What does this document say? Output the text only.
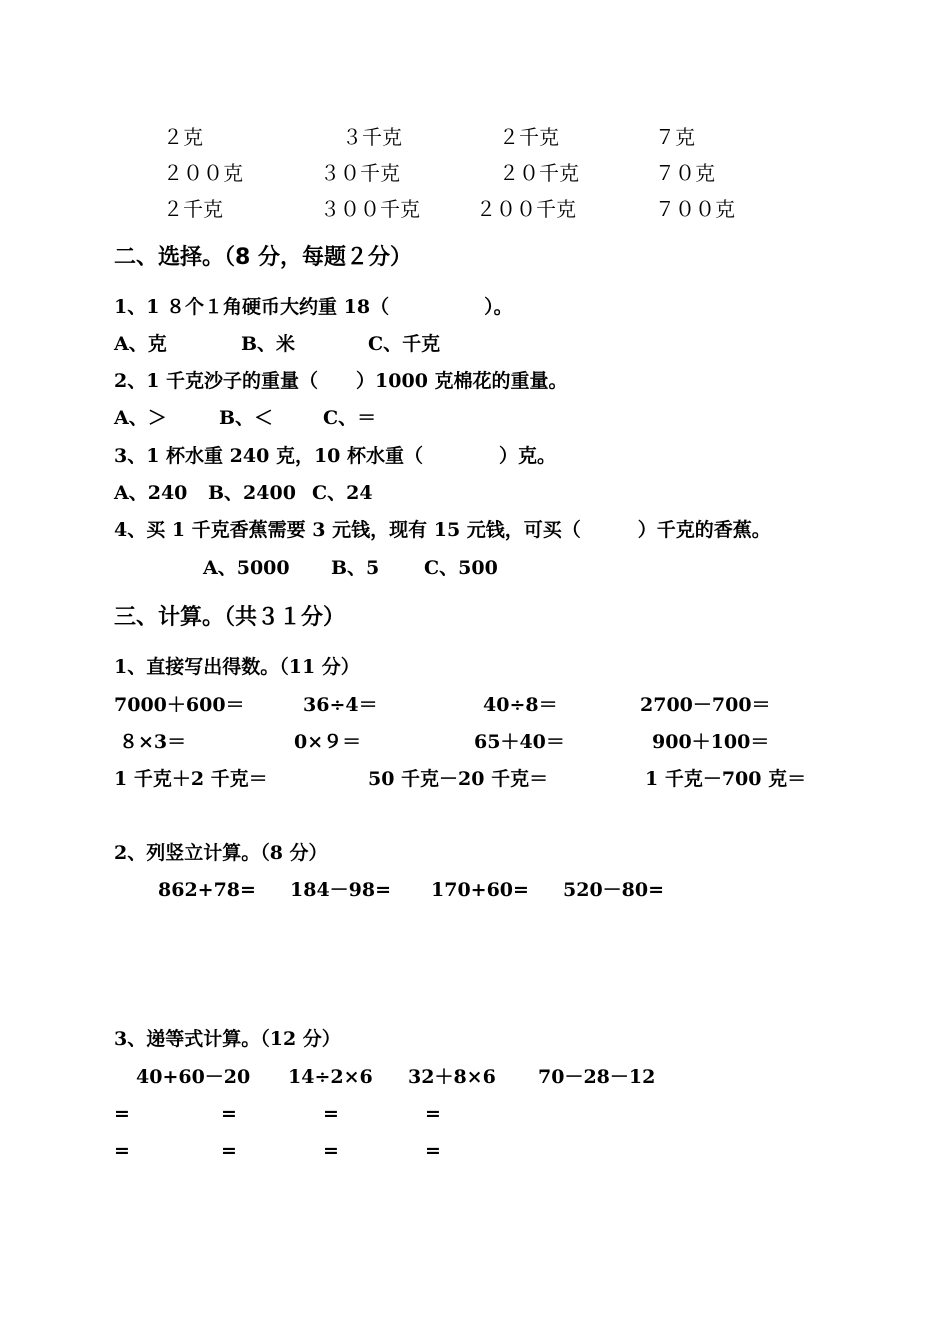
２克	３千克	２千克	７克
２００克	３０千克	２０千克	７０克
２千克	３００千克	２００千克	７００克
二、选择。（8 分，每题２分）
1、1 ８个１角硬币大约重 18（　　　　　）。
A、克	B、米	C、千克
2、1 千克沙子的重量（　　）1000 克棉花的重量。
A、＞	B、＜	C、＝
3、1 杯水重 240 克，10 杯水重（　　　　）克。
A、240 B、2400 C、24
4、买 1 千克香蕉需要 3 元钱，现有 15 元钱，可买（　　　）千克的香蕉。
A、5000 B、5 C、500
三、计算。（共３１分）
1、直接写出得数。（11 分）
7000＋600＝	36÷4＝	40÷8＝	2700－700＝
８×3＝	0×９＝	65＋40＝	900＋100＝
1 千克＋2 千克＝	50 千克－20 千克＝	1 千克－700 克＝
2、列竖立计算。（8 分）
862+78= 184－98= 170+60= 520－80=
3、递等式计算。（12 分）
40+60－20 14÷2×6 32＋8×6 70－28－12
=	=	=	=
=	=	=	=
